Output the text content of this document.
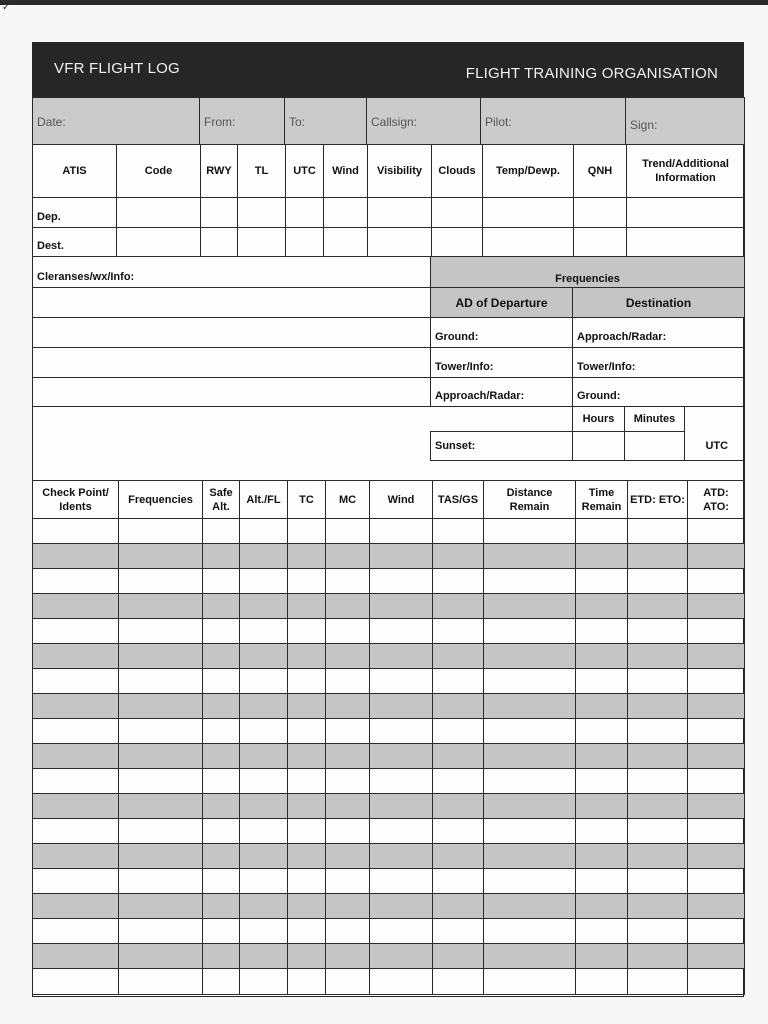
✓
VFR FLIGHT LOG	FLIGHT TRAINING ORGANISATION
Date:	From:	To:	Callsign:	Pilot:	Sign:
ATIS	Code	RWY	TL	UTC	Wind	Visibility	Clouds	Temp/Dewp.	QNH	Trend/Additional Information
Dep.										
Dest.										
Cleranses/wx/Info:	Frequencies			
	AD of Departure	Destination		
	Ground:	Approach/Radar:		
	Tower/Info:	Tower/Info:		
	Approach/Radar:	Ground:		
		Hours	Minutes	
	Sunset:			UTC

Check Point/ Idents	Frequencies	Safe Alt.	Alt./FL	TC	MC	Wind	TAS/GS	Distance Remain	Time Remain	ETD: ETO:	ATD: ATO:
